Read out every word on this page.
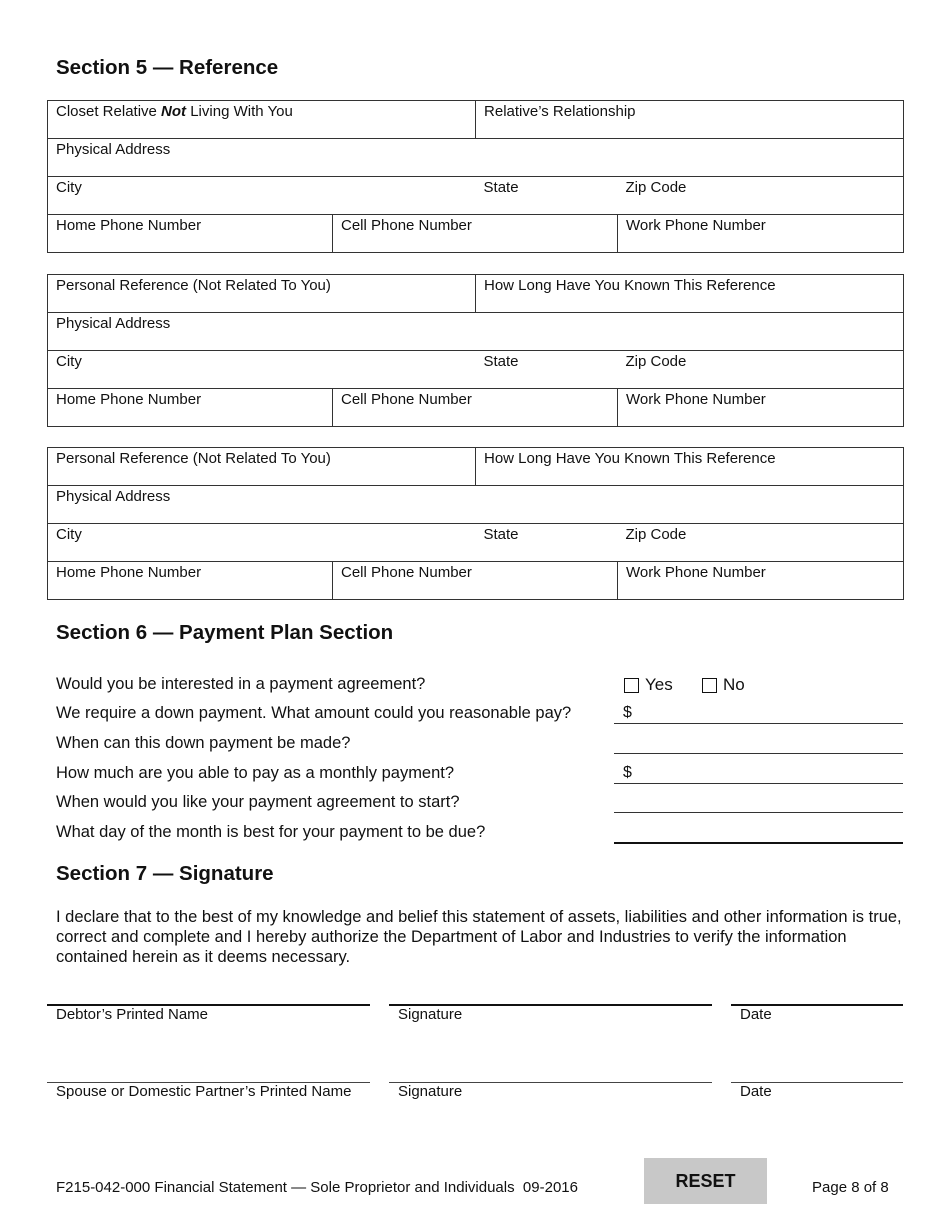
Section 5 — Reference
Closet Relative Not Living With You		Relative’s Relationship	
Physical Address			
City		State	Zip Code
Home Phone Number	Cell Phone Number		Work Phone Number
Personal Reference (Not Related To You)		How Long Have You Known This Reference	
Physical Address			
City		State	Zip Code
Home Phone Number	Cell Phone Number		Work Phone Number
Personal Reference (Not Related To You)		How Long Have You Known This Reference	
Physical Address			
City		State	Zip Code
Home Phone Number	Cell Phone Number		Work Phone Number
Section 6 — Payment Plan Section
Would you be interested in a payment agreement?	Yes	No
We require a down payment. What amount could you reasonable pay?	$
When can this down payment be made?
How much are you able to pay as a monthly payment?	$
When would you like your payment agreement to start?
What day of the month is best for your payment to be due?
Section 7 — Signature
I declare that to the best of my knowledge and belief this statement of assets, liabilities and other information is true, correct and complete and I hereby authorize the Department of Labor and Industries to verify the information contained herein as it deems necessary.
Debtor’s Printed Name	Signature	Date
Spouse or Domestic Partner’s Printed Name	Signature	Date
F215-042-000 Financial Statement — Sole Proprietor and Individuals  09-2016	RESET	Page 8 of 8
